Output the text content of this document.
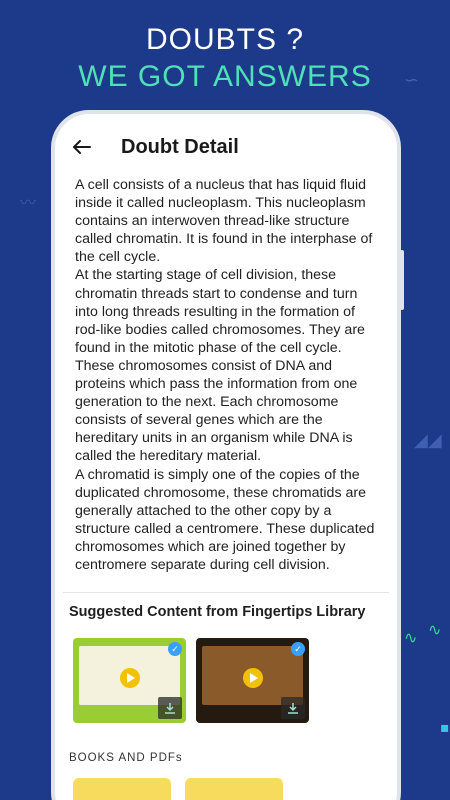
∽
〰
◢◢
∿ ∿
▪
DOUBTS ?
WE GOT ANSWERS
Doubt Detail

A cell consists of a nucleus that has liquid fluid inside it called nucleoplasm. This nucleoplasm contains an interwoven thread-like structure called chromatin. It is found in the interphase of the cell cycle.

At the starting stage of cell division, these chromatin threads start to condense and turn into long threads resulting in the formation of rod-like bodies called chromosomes. They are found in the mitotic phase of the cell cycle. These chromosomes consist of DNA and proteins which pass the information from one generation to the next. Each chromosome consists of several genes which are the hereditary units in an organism while DNA is called the hereditary material.

A chromatid is simply one of the copies of the duplicated chromosome, these chromatids are generally attached to the other copy by a structure called a centromere. These duplicated chromosomes which are joined together by centromere separate during cell division.

Suggested Content from Fingertips Library
✓	✓
BOOKS AND PDFs
